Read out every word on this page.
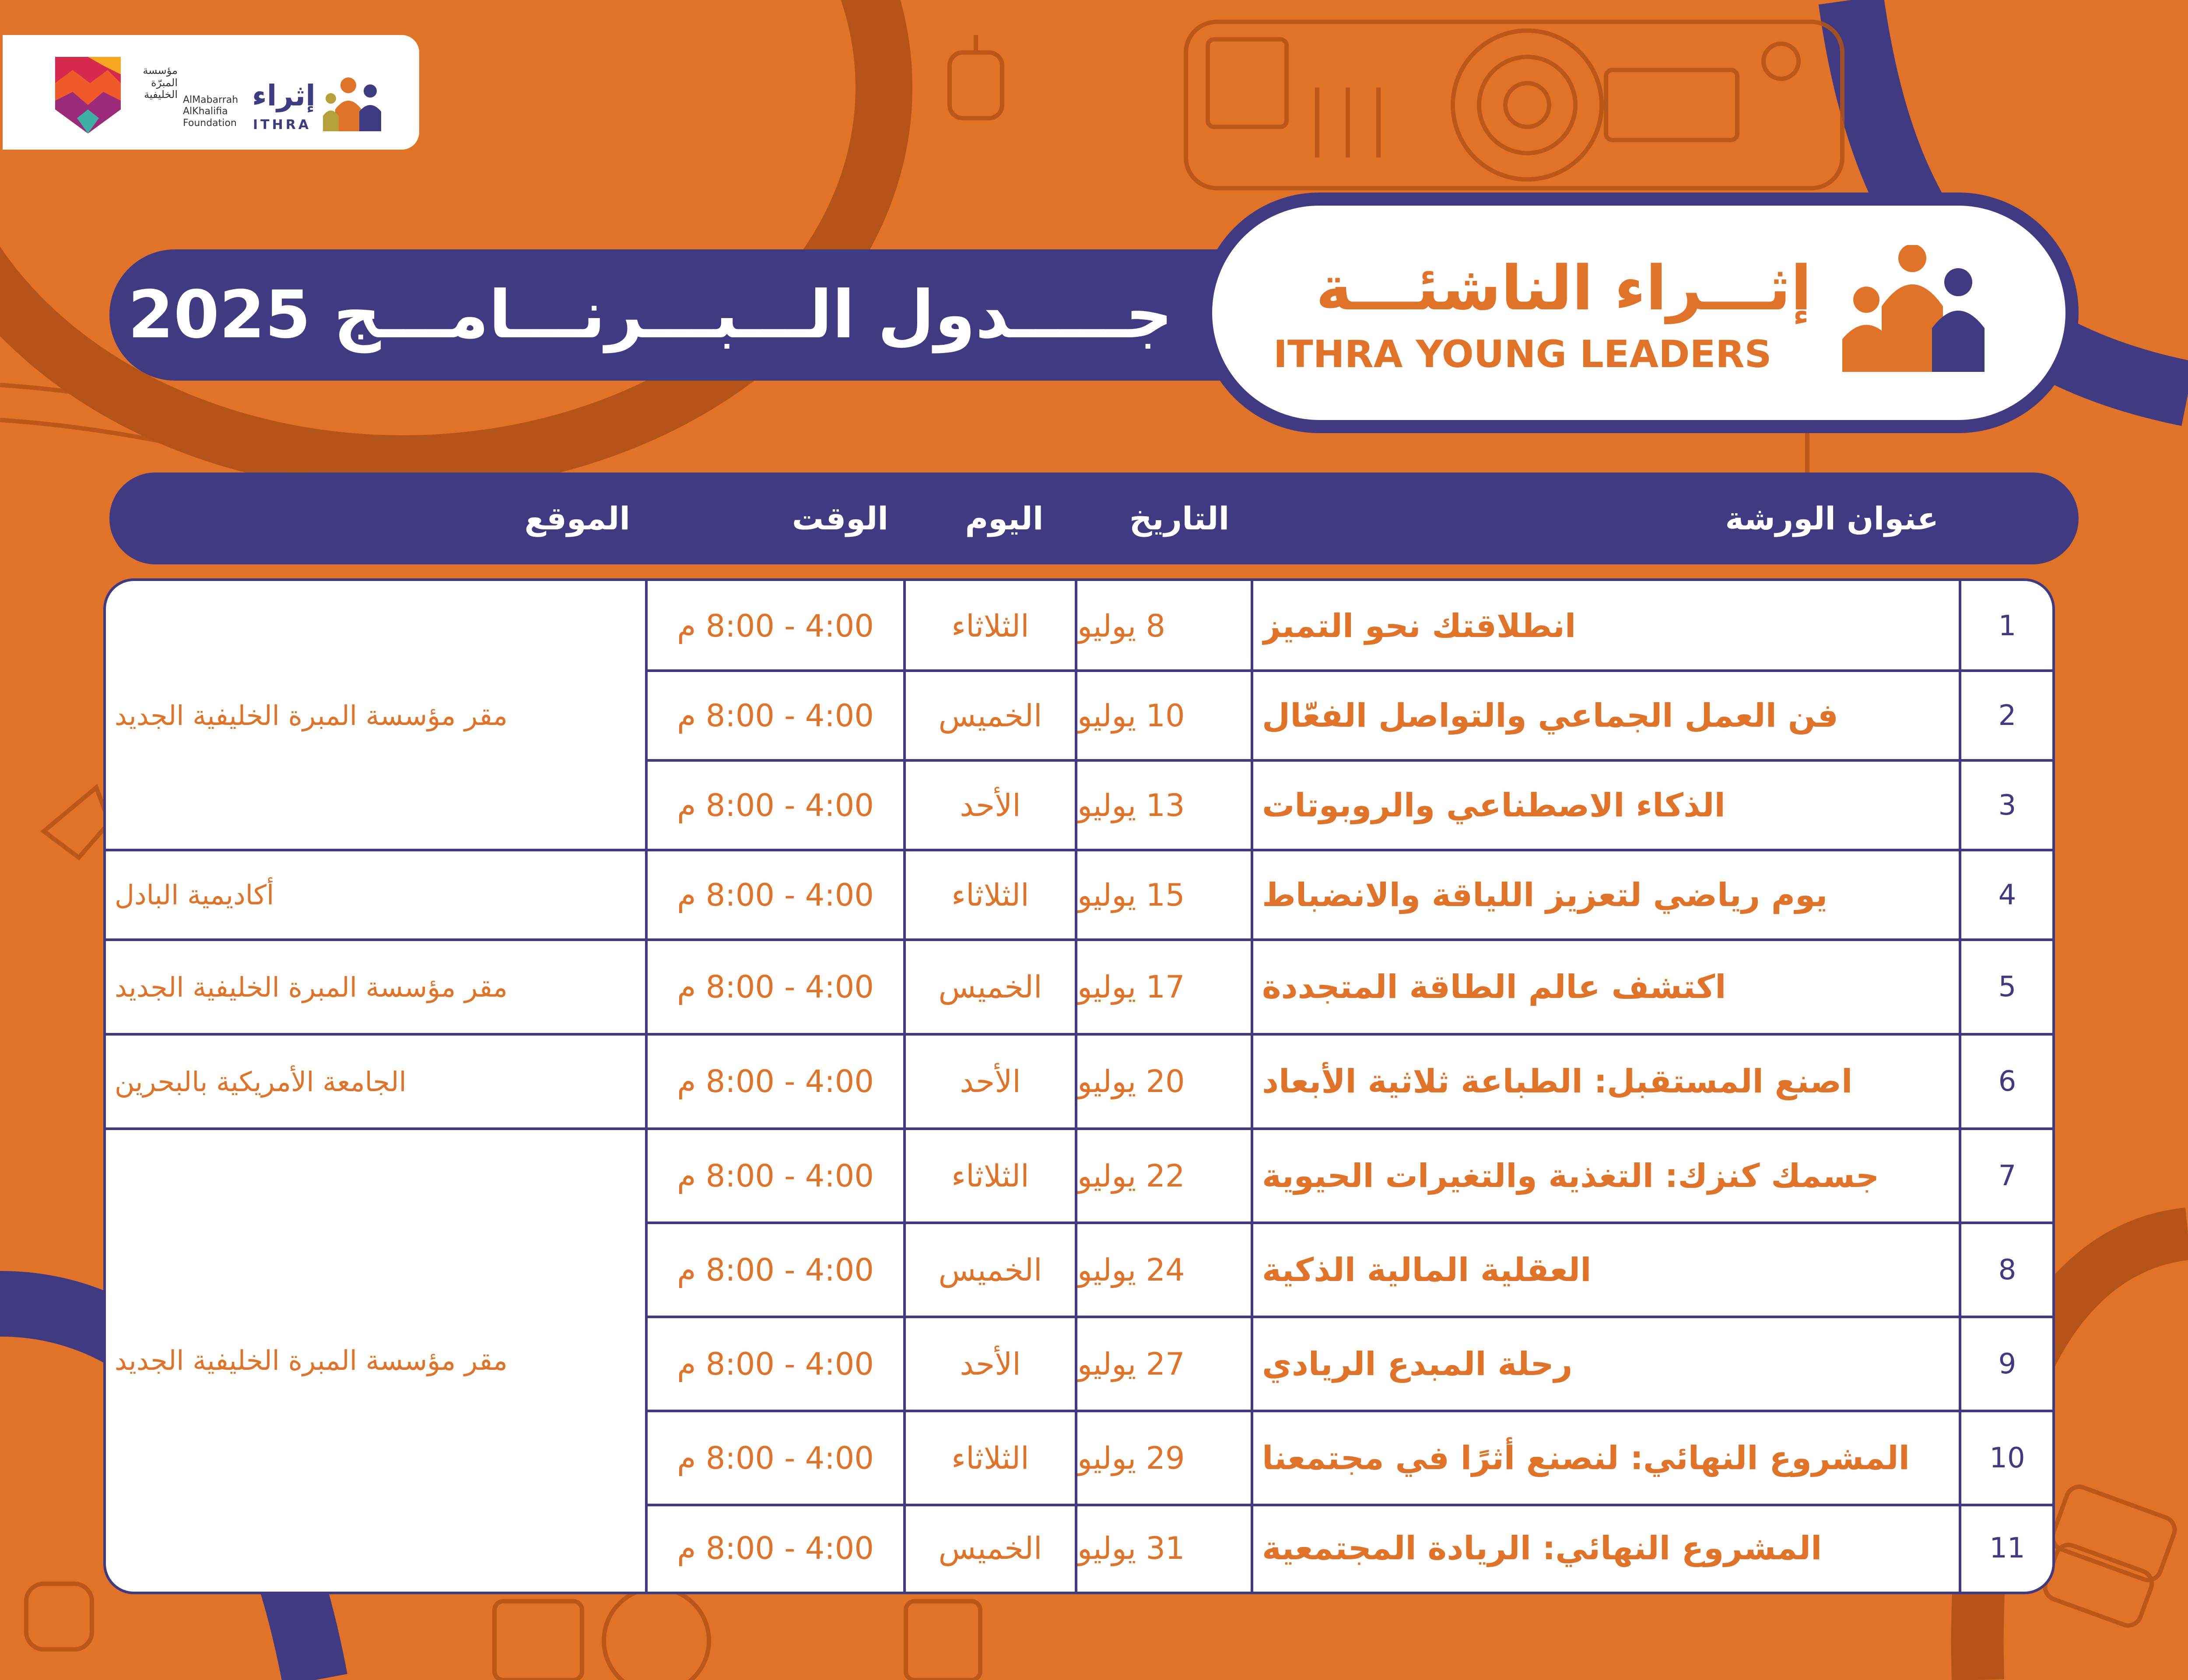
مؤسسة المبرّة الخليفية AlMabarrah
AlKhalifia
Foundation
إثراء
ITHRA
جـــــدول الـــبـــرنـــامـــج 2025	إثـــراء الناشئـــة
ITHRA YOUNG LEADERS
عنوان الورشة
التاريخ
اليوم
الوقت
الموقع
1
انطلاقتك نحو التميز
8 يوليو
الثلاثاء
4:00 - 8:00 م
2
فن العمل الجماعي والتواصل الفعّال
10 يوليو
الخميس
4:00 - 8:00 م
3
الذكاء الاصطناعي والروبوتات
13 يوليو
الأحد
4:00 - 8:00 م
4
يوم رياضي لتعزيز اللياقة والانضباط
15 يوليو
الثلاثاء
4:00 - 8:00 م
5
اكتشف عالم الطاقة المتجددة
17 يوليو
الخميس
4:00 - 8:00 م
6
اصنع المستقبل: الطباعة ثلاثية الأبعاد
20 يوليو
الأحد
4:00 - 8:00 م
7
جسمك كنزك: التغذية والتغيرات الحيوية
22 يوليو
الثلاثاء
4:00 - 8:00 م
8
العقلية المالية الذكية
24 يوليو
الخميس
4:00 - 8:00 م
9
رحلة المبدع الريادي
27 يوليو
الأحد
4:00 - 8:00 م
10
المشروع النهائي: لنصنع أثرًا في مجتمعنا
29 يوليو
الثلاثاء
4:00 - 8:00 م
11
المشروع النهائي: الريادة المجتمعية
31 يوليو
الخميس
4:00 - 8:00 م
مقر مؤسسة المبرة الخليفية الجديد
أكاديمية البادل
مقر مؤسسة المبرة الخليفية الجديد
الجامعة الأمريكية بالبحرين
مقر مؤسسة المبرة الخليفية الجديد
